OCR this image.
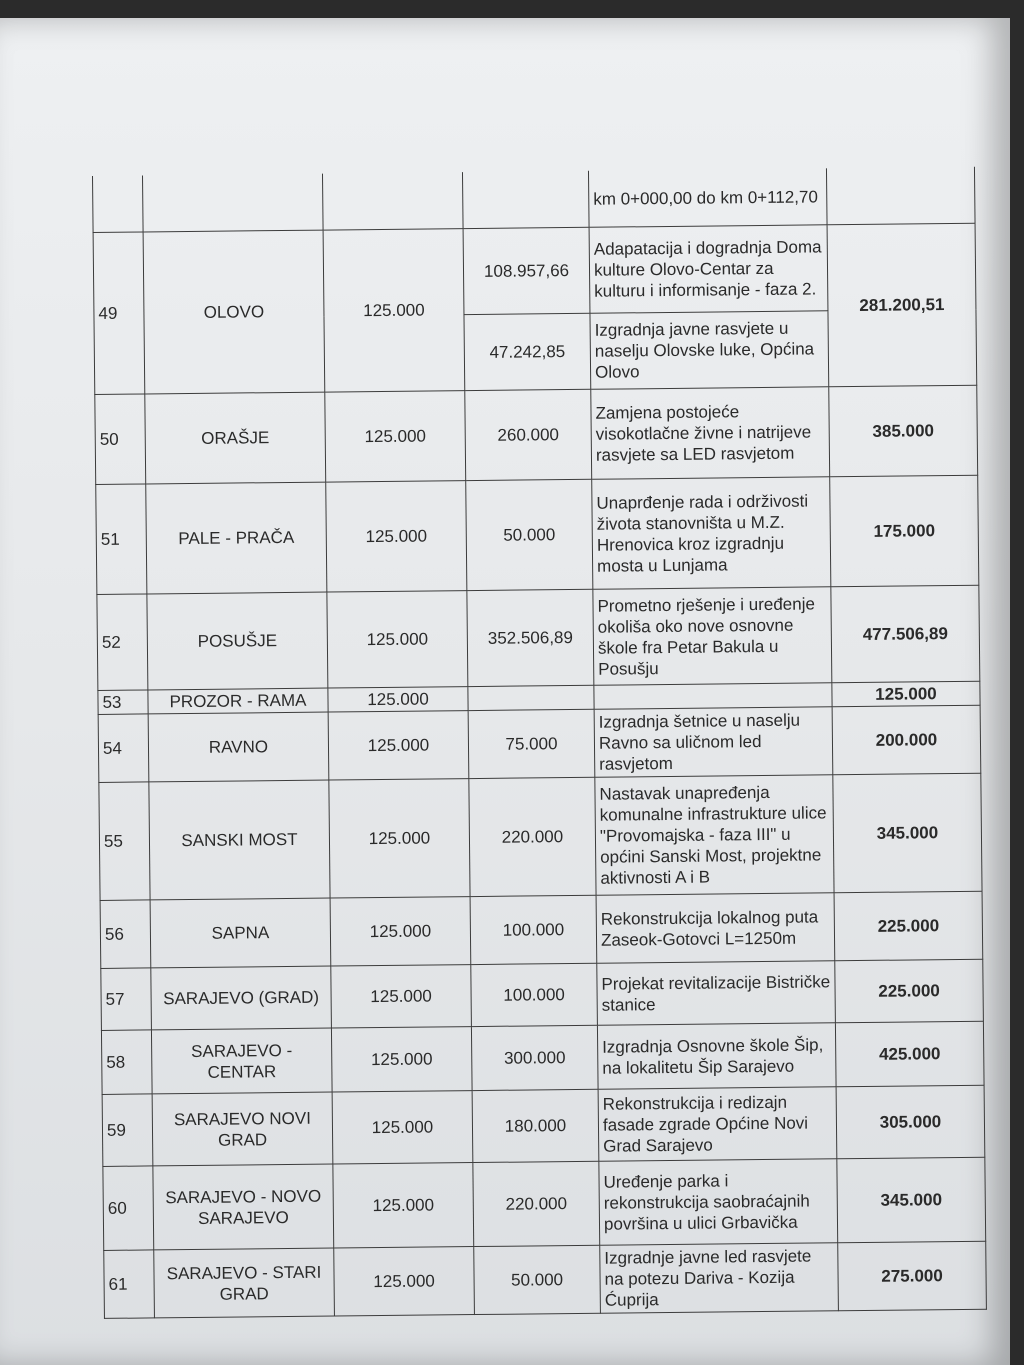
				km 0+000,00 do km 0+112,70	
49	OLOVO	125.000	108.957,66	Adapatacija i dogradnja Doma kulture Olovo-Centar za kulturu i informisanje - faza 2.	281.200,51
			47.242,85	Izgradnja javne rasvjete u naselju Olovske luke, Općina Olovo	
50	ORAŠJE	125.000	260.000	Zamjena postojeće visokotlačne živne i natrijeve rasvjete sa LED rasvjetom	385.000
51	PALE - PRAČA	125.000	50.000	Unaprđenje rada i održivosti života stanovništa u M.Z. Hrenovica kroz izgradnju mosta u Lunjama	175.000
52	POSUŠJE	125.000	352.506,89	Prometno rješenje i uređenje okoliša oko nove osnovne škole fra Petar Bakula u Posušju	477.506,89
53	PROZOR - RAMA	125.000			125.000
54	RAVNO	125.000	75.000	Izgradnja šetnice u naselju Ravno sa uličnom led rasvjetom	200.000
55	SANSKI MOST	125.000	220.000	Nastavak unapređenja komunalne infrastrukture ulice "Provomajska - faza III" u općini Sanski Most, projektne aktivnosti A i B	345.000
56	SAPNA	125.000	100.000	Rekonstrukcija lokalnog puta Zaseok-Gotovci L=1250m	225.000
57	SARAJEVO (GRAD)	125.000	100.000	Projekat revitalizacije Bistričke stanice	225.000
58	SARAJEVO - CENTAR	125.000	300.000	Izgradnja Osnovne škole Šip, na lokalitetu Šip Sarajevo	425.000
59	SARAJEVO NOVI GRAD	125.000	180.000	Rekonstrukcija i redizajn fasade zgrade Općine Novi Grad Sarajevo	305.000
60	SARAJEVO - NOVO SARAJEVO	125.000	220.000	Uređenje parka i rekonstrukcija saobraćajnih površina u ulici Grbavička	345.000
61	SARAJEVO - STARI GRAD	125.000	50.000	Izgradnje javne led rasvjete na potezu Dariva - Kozija Ćuprija	275.000
